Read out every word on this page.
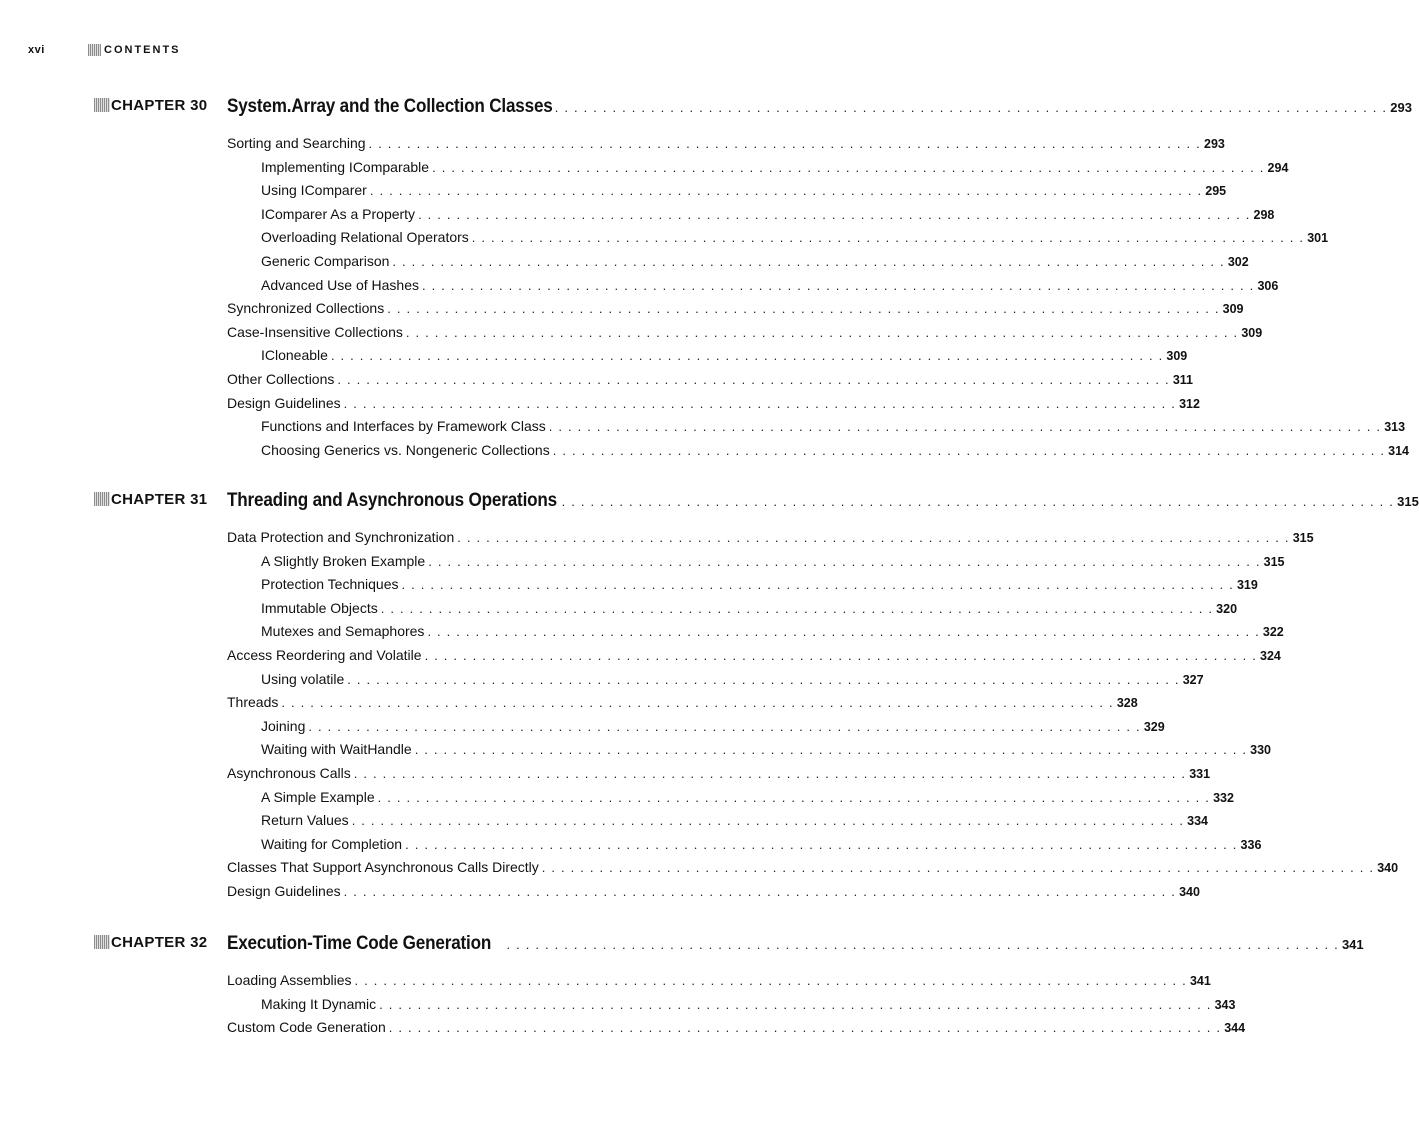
xvi	CONTENTS
CHAPTER 30 System.Array and the Collection Classes . . .	293
Sorting and Searching . . .	293
Implementing IComparable . . .	294
Using IComparer . . .	295
IComparer As a Property . . .	298
Overloading Relational Operators . . .	301
Generic Comparison . . .	302
Advanced Use of Hashes . . .	306
Synchronized Collections . . .	309
Case-Insensitive Collections . . .	309
ICloneable . . .	309
Other Collections . . .	311
Design Guidelines . . .	312
Functions and Interfaces by Framework Class . . .	313
Choosing Generics vs. Nongeneric Collections . . .	314
CHAPTER 31 Threading and Asynchronous Operations . . .	315
Data Protection and Synchronization . . .	315
A Slightly Broken Example . . .	315
Protection Techniques . . .	319
Immutable Objects . . .	320
Mutexes and Semaphores . . .	322
Access Reordering and Volatile . . .	324
Using volatile . . .	327
Threads . . .	328
Joining . . .	329
Waiting with WaitHandle . . .	330
Asynchronous Calls . . .	331
A Simple Example . . .	332
Return Values . . .	334
Waiting for Completion . . .	336
Classes That Support Asynchronous Calls Directly . . .	340
Design Guidelines . . .	340
CHAPTER 32 Execution-Time Code Generation . . .	341
Loading Assemblies . . .	341
Making It Dynamic . . .	343
Custom Code Generation . . .	344
